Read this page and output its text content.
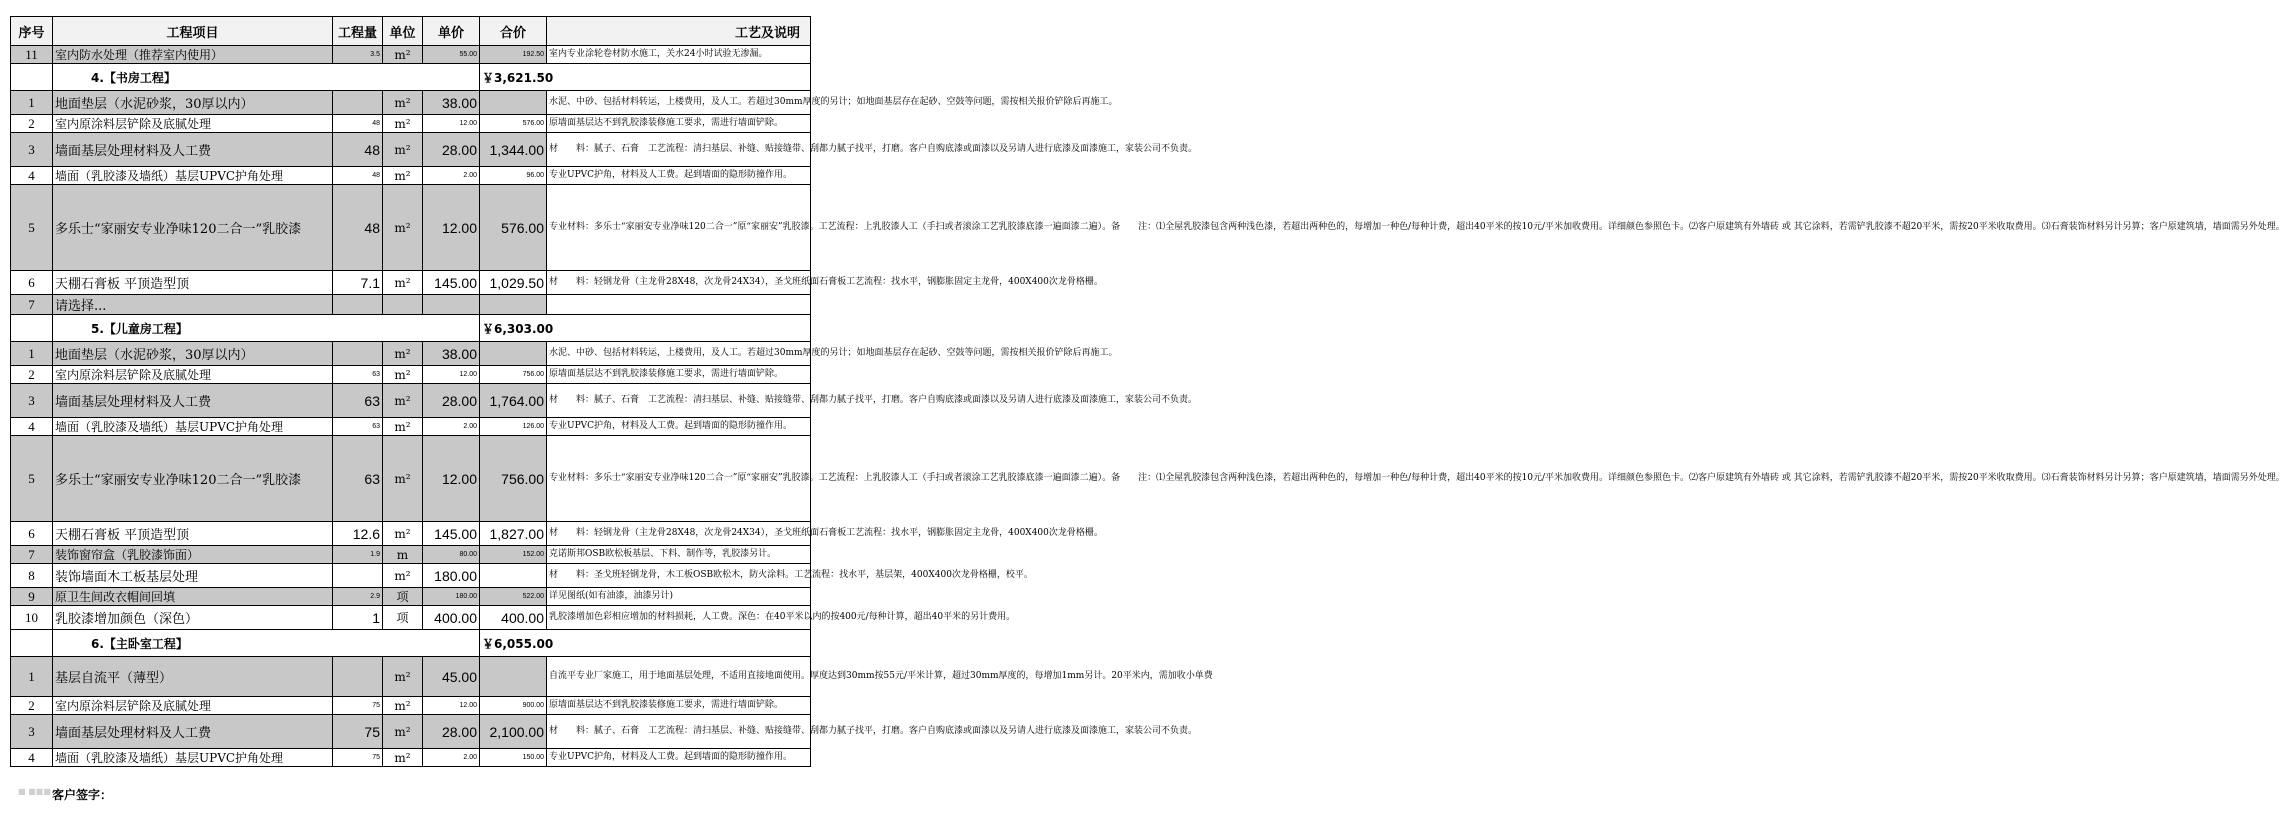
序号	工程项目	工程量	单位	单价	合价	工艺及说明	
11	室内防水处理（推荐室内使用）	3.5	m²	55.00	192.50	室内专业涂轮卷材防水施工，关水24小时试验无渗漏。	
	4.【书房工程】				￥3,621.50		
1	地面垫层（水泥砂浆，30厚以内）		m²	38.00		水泥、中砂、包括材料转运，上楼费用，及人工。若超过30mm厚度的另计；如地面基层存在起砂、空鼓等问题，需按相关报价铲除后再施工。	
2	室内原涂料层铲除及底腻处理	48	m²	12.00	576.00	原墙面基层达不到乳胶漆装修施工要求，需进行墙面铲除。	
3	墙面基层处理材料及人工费	48	m²	28.00	1,344.00	材　　料：腻子、石膏　工艺流程：清扫基层、补缝、贴接缝带、刮都力腻子找平，打磨。客户自购底漆或面漆以及另请人进行底漆及面漆施工，家装公司不负责。	
4	墙面（乳胶漆及墙纸）基层UPVC护角处理	48	m²	2.00	96.00	专业UPVC护角，材料及人工费。起到墙面的隐形防撞作用。	
5	多乐士“家丽安专业净味120二合一”乳胶漆	48	m²	12.00	576.00	专业材料：多乐士“家丽安专业净味120二合一”原“家丽安”乳胶漆。工艺流程：上乳胶漆人工（手扫或者滚涂工艺乳胶漆底漆一遍面漆二遍）。备　　注：⑴全屋乳胶漆包含两种浅色漆，若超出两种色的，每增加一种色/每种计费，超出40平米的按10元/平米加收费用。详细颜色参照色卡。⑵客户原建筑有外墙砖 或 其它涂料，若需铲乳胶漆不超20平米，需按20平米收取费用。⑶石膏装饰材料另计另算；客户原建筑墙，墙面需另外处理。	
6	天棚石膏板 平顶造型顶	7.1	m²	145.00	1,029.50	材　　料：轻钢龙骨（主龙骨28X48，次龙骨24X34），圣戈班纸面石膏板工艺流程：找水平，钢膨胀固定主龙骨，400X400次龙骨格栅。	
7	请选择...						
	5.【儿童房工程】				￥6,303.00		
1	地面垫层（水泥砂浆，30厚以内）		m²	38.00		水泥、中砂、包括材料转运，上楼费用，及人工。若超过30mm厚度的另计；如地面基层存在起砂、空鼓等问题，需按相关报价铲除后再施工。	
2	室内原涂料层铲除及底腻处理	63	m²	12.00	756.00	原墙面基层达不到乳胶漆装修施工要求，需进行墙面铲除。	
3	墙面基层处理材料及人工费	63	m²	28.00	1,764.00	材　　料：腻子、石膏　工艺流程：清扫基层、补缝、贴接缝带、刮都力腻子找平，打磨。客户自购底漆或面漆以及另请人进行底漆及面漆施工，家装公司不负责。	
4	墙面（乳胶漆及墙纸）基层UPVC护角处理	63	m²	2.00	126.00	专业UPVC护角，材料及人工费。起到墙面的隐形防撞作用。	
5	多乐士“家丽安专业净味120二合一”乳胶漆	63	m²	12.00	756.00	专业材料：多乐士“家丽安专业净味120二合一”原“家丽安”乳胶漆。工艺流程：上乳胶漆人工（手扫或者滚涂工艺乳胶漆底漆一遍面漆二遍）。备　　注：⑴全屋乳胶漆包含两种浅色漆，若超出两种色的，每增加一种色/每种计费，超出40平米的按10元/平米加收费用。详细颜色参照色卡。⑵客户原建筑有外墙砖 或 其它涂料，若需铲乳胶漆不超20平米，需按20平米收取费用。⑶石膏装饰材料另计另算；客户原建筑墙，墙面需另外处理。	
6	天棚石膏板 平顶造型顶	12.6	m²	145.00	1,827.00	材　　料：轻钢龙骨（主龙骨28X48，次龙骨24X34），圣戈班纸面石膏板工艺流程：找水平，钢膨胀固定主龙骨，400X400次龙骨格栅。	
7	装饰窗帘盒（乳胶漆饰面）	1.9	m	80.00	152.00	克诺斯邦OSB欧松板基层、下料、制作等，乳胶漆另计。	
8	装饰墙面木工板基层处理		m²	180.00		材　　料：圣戈班轻钢龙骨，木工板OSB欧松木，防火涂料。工艺流程：找水平，基层架，400X400次龙骨格栅，校平。	
9	原卫生间改衣帽间回填	2.9	项	180.00	522.00	详见图纸(如有油漆，油漆另计)	
10	乳胶漆增加颜色（深色）	1	项	400.00	400.00	乳胶漆增加色彩相应增加的材料损耗，人工费。深色：在40平米以内的按400元/每种计算，超出40平米的另计费用。	
	6.【主卧室工程】				￥6,055.00		
1	基层自流平（薄型）		m²	45.00		自流平专业厂家施工，用于地面基层处理，不适用直接地面使用。厚度达到30mm按55元/平米计算，超过30mm厚度的，每增加1mm另计。20平米内，需加收小单费	
2	室内原涂料层铲除及底腻处理	75	m²	12.00	900.00	原墙面基层达不到乳胶漆装修施工要求，需进行墙面铲除。	
3	墙面基层处理材料及人工费	75	m²	28.00	2,100.00	材　　料：腻子、石膏　工艺流程：清扫基层、补缝、贴接缝带、刮都力腻子找平，打磨。客户自购底漆或面漆以及另请人进行底漆及面漆施工，家装公司不负责。	
4	墙面（乳胶漆及墙纸）基层UPVC护角处理	75	m²	2.00	150.00	专业UPVC护角，材料及人工费。起到墙面的隐形防撞作用。	
■ ■■■ 客户签字：
